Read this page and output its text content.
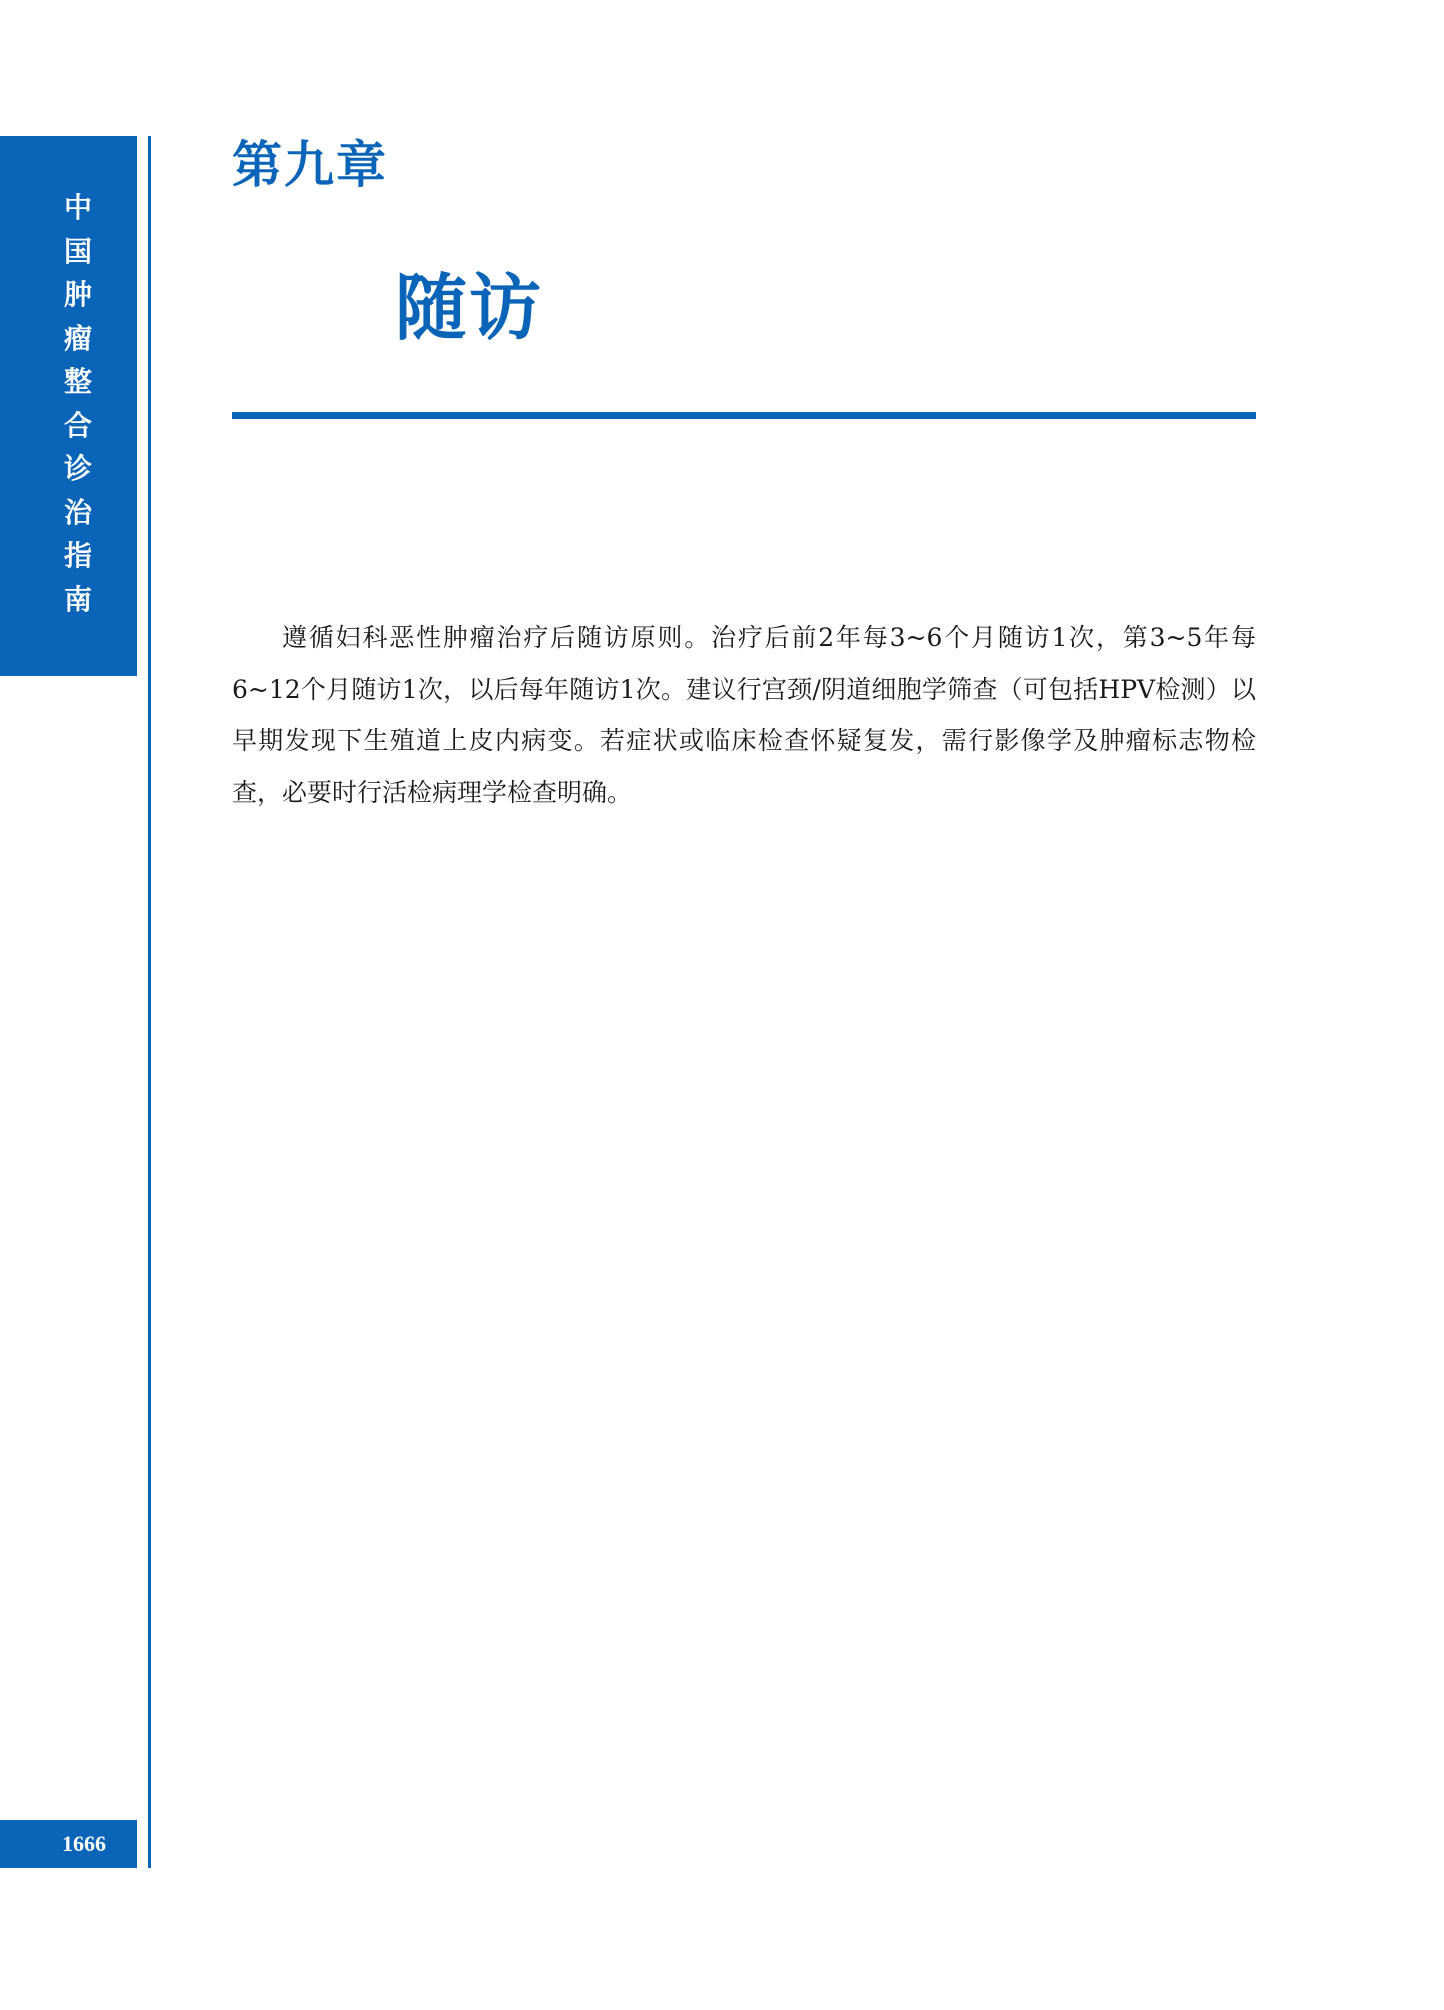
中
国
肿
瘤
整
合
诊
治
指
南
1666
第九章
随访

遵循妇科恶性肿瘤治疗后随访原则。治疗后前2年每3~6个月随访1次，第3~5年每6~12个月随访1次，以后每年随访1次。建议行宫颈/阴道细胞学筛查（可包括HPV检测）以早期发现下生殖道上皮内病变。若症状或临床检查怀疑复发，需行影像学及肿瘤标志物检查，必要时行活检病理学检查明确。
